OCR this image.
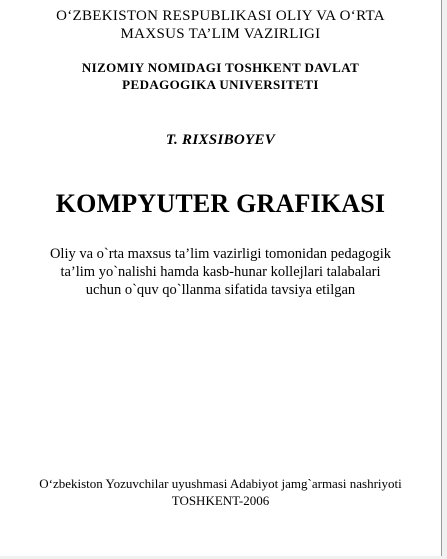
O‘ZBEKISTON RESPUBLIKASI OLIY VA O‘RTA
MAXSUS TA’LIM VAZIRLIGI
NIZOMIY NOMIDAGI TOSHKENT DAVLAT
PEDAGOGIKA UNIVERSITETI
T. RIXSIBOYEV
KOMPYUTER GRAFIKASI
Oliy va o`rta maxsus ta’lim vazirligi tomonidan pedagogik
ta’lim yo`nalishi hamda kasb-hunar kollejlari talabalari
uchun o`quv qo`llanma sifatida tavsiya etilgan
O‘zbekiston Yozuvchilar uyushmasi Adabiyot jamg`armasi nashriyoti
TOSHKENT-2006
